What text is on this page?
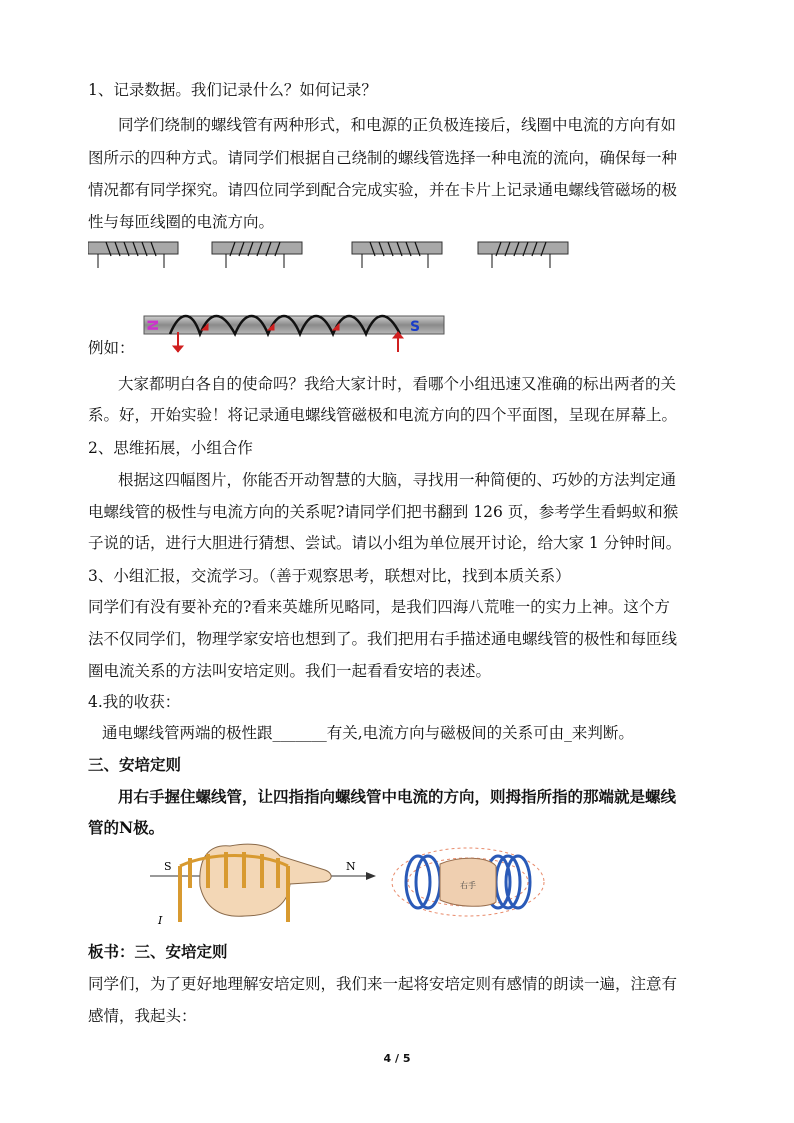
1、记录数据。我们记录什么？如何记录？
同学们绕制的螺线管有两种形式，和电源的正负极连接后，线圈中电流的方向有如
图所示的四种方式。请同学们根据自己绕制的螺线管选择一种电流的流向，确保每一种
情况都有同学探究。请四位同学到配合完成实验，并在卡片上记录通电螺线管磁场的极
性与每匝线圈的电流方向。
例如：
N	S
大家都明白各自的使命吗？我给大家计时，看哪个小组迅速又准确的标出两者的关
系。好，开始实验！将记录通电螺线管磁极和电流方向的四个平面图，呈现在屏幕上。
2、思维拓展，小组合作
根据这四幅图片，你能否开动智慧的大脑，寻找用一种简便的、巧妙的方法判定通
电螺线管的极性与电流方向的关系呢?请同学们把书翻到 126 页，参考学生看蚂蚁和猴
子说的话，进行大胆进行猜想、尝试。请以小组为单位展开讨论，给大家 1 分钟时间。
3、小组汇报，交流学习。（善于观察思考，联想对比，找到本质关系）
同学们有没有要补充的?看来英雄所见略同，是我们四海八荒唯一的实力上神。这个方
法不仅同学们，物理学家安培也想到了。我们把用右手描述通电螺线管的极性和每匝线
圈电流关系的方法叫安培定则。我们一起看看安培的表述。
4.我的收获：
通电螺线管两端的极性跟_______有关,电流方向与磁极间的关系可由_来判断。
三、安培定则
用右手握住螺线管，让四指指向螺线管中电流的方向，则拇指所指的那端就是螺线
管的N极。
S	N
I
右手
板书：三、安培定则
同学们，为了更好地理解安培定则，我们来一起将安培定则有感情的朗读一遍，注意有
感情，我起头：
4 / 5
